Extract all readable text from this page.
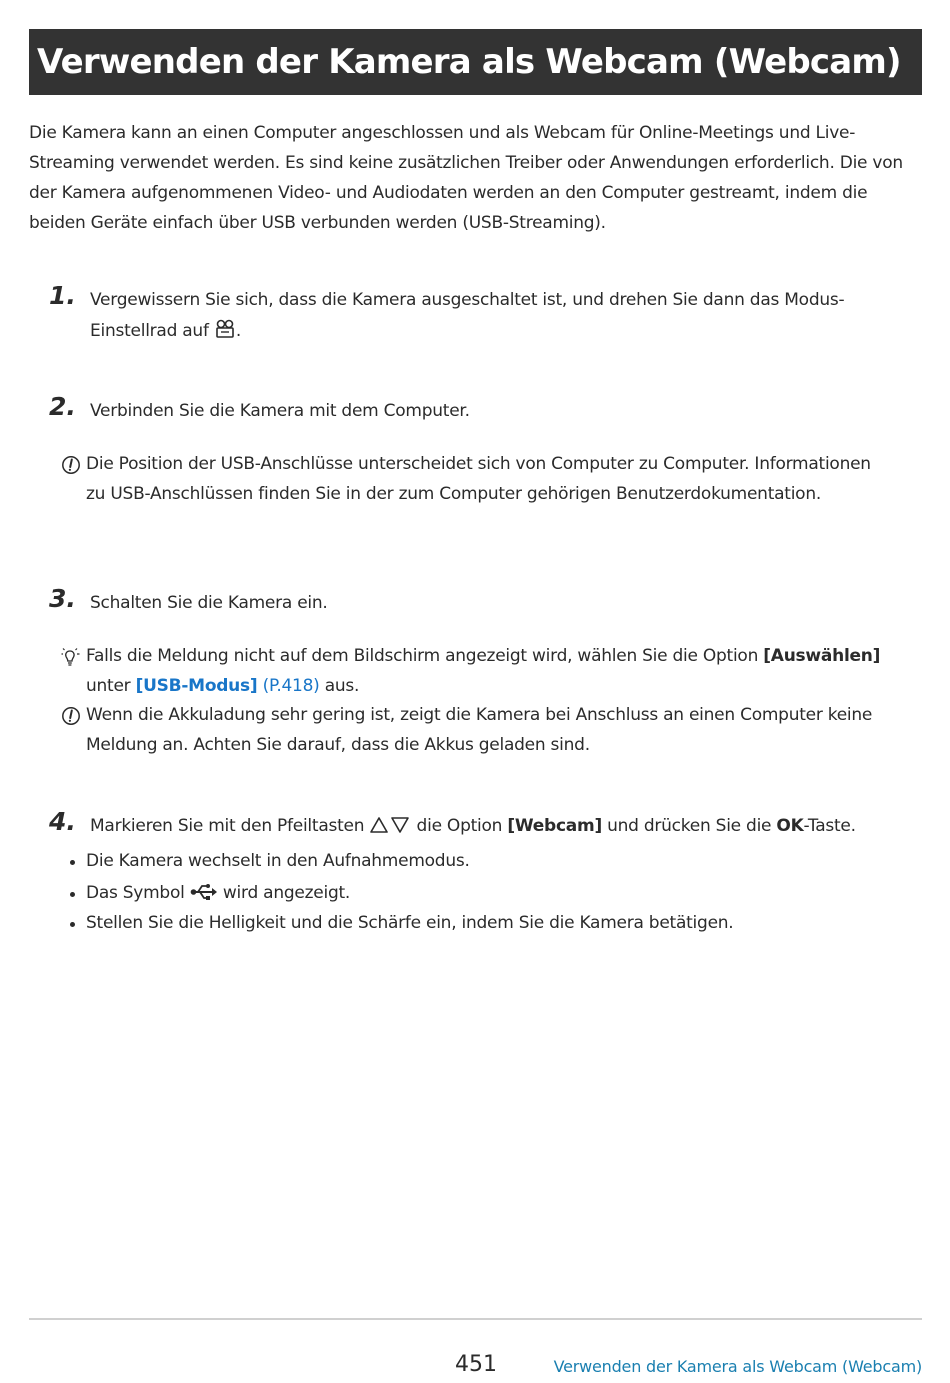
Verwenden der Kamera als Webcam (Webcam)

Die Kamera kann an einen Computer angeschlossen und als Webcam für Online-Meetings und Live-Streaming verwendet werden. Es sind keine zusätzlichen Treiber oder Anwendungen erforderlich. Die von der Kamera aufgenommenen Video- und Audiodaten werden an den Computer gestreamt, indem die beiden Geräte einfach über USB verbunden werden (USB-Streaming).

1. Vergewissern Sie sich, dass die Kamera ausgeschaltet ist, und drehen Sie dann das Modus-Einstellrad auf .
2. Verbinden Sie die Kamera mit dem Computer.
Die Position der USB-Anschlüsse unterscheidet sich von Computer zu Computer. Informationen zu USB-Anschlüssen finden Sie in der zum Computer gehörigen Benutzerdokumentation.
3. Schalten Sie die Kamera ein.
Falls die Meldung nicht auf dem Bildschirm angezeigt wird, wählen Sie die Option [Auswählen] unter [USB-Modus] (P.418) aus.
Wenn die Akkuladung sehr gering ist, zeigt die Kamera bei Anschluss an einen Computer keine Meldung an. Achten Sie darauf, dass die Akkus geladen sind.
4. Markieren Sie mit den Pfeiltasten  die Option [Webcam] und drücken Sie die OK-Taste.
Die Kamera wechselt in den Aufnahmemodus.
Das Symbol  wird angezeigt.
Stellen Sie die Helligkeit und die Schärfe ein, indem Sie die Kamera betätigen.
451	Verwenden der Kamera als Webcam (Webcam)
